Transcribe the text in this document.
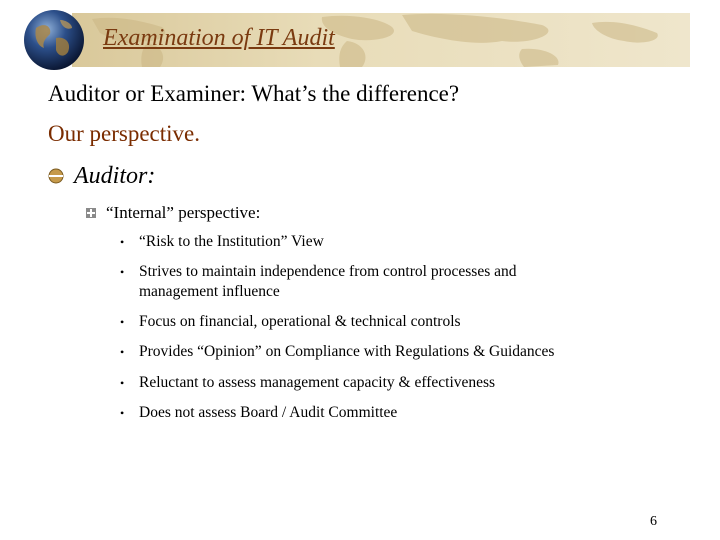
Examination of IT Audit
Auditor or Examiner: What’s the difference?
Our perspective.
Auditor:
“Internal” perspective:
• “Risk to the Institution” View
• Strives to maintain independence from control processes and management influence
• Focus on financial, operational & technical controls
• Provides “Opinion” on Compliance with Regulations & Guidances
• Reluctant to assess management capacity & effectiveness
• Does not assess Board / Audit Committee
6
